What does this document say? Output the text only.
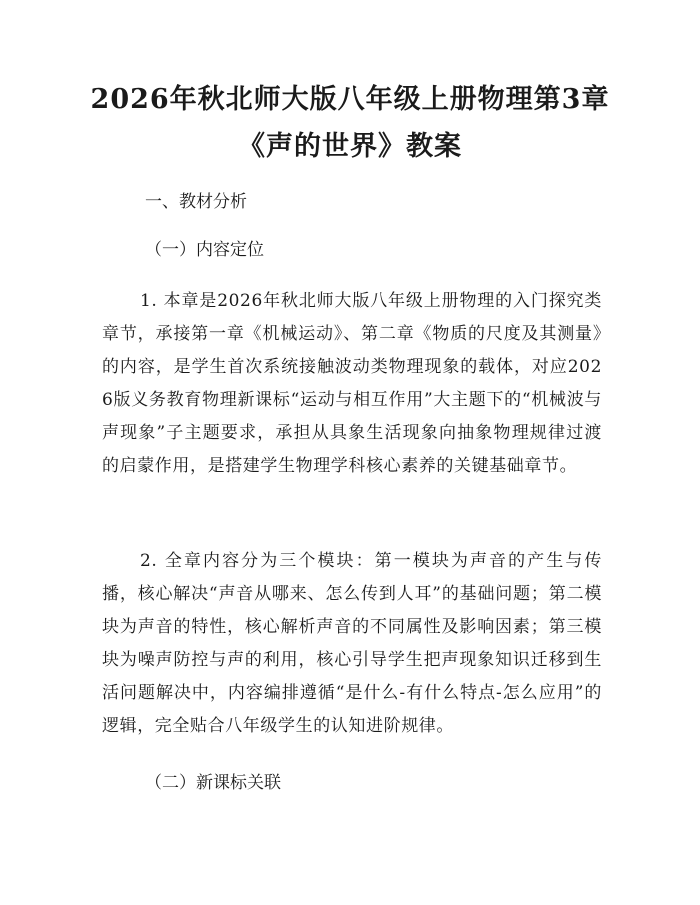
2026年秋北师大版八年级上册物理第3章
《声的世界》教案
一、教材分析
（一）内容定位

1. 本章是2026年秋北师大版八年级上册物理的入门探究类章节，承接第一章《机械运动》、第二章《物质的尺度及其测量》的内容，是学生首次系统接触波动类物理现象的载体，对应2026版义务教育物理新课标“运动与相互作用”大主题下的“机械波与声现象”子主题要求，承担从具象生活现象向抽象物理规律过渡的启蒙作用，是搭建学生物理学科核心素养的关键基础章节。

2. 全章内容分为三个模块：第一模块为声音的产生与传播，核心解决“声音从哪来、怎么传到人耳”的基础问题；第二模块为声音的特性，核心解析声音的不同属性及影响因素；第三模块为噪声防控与声的利用，核心引导学生把声现象知识迁移到生活问题解决中，内容编排遵循“是什么-有什么特点-怎么应用”的逻辑，完全贴合八年级学生的认知进阶规律。

（二）新课标关联
